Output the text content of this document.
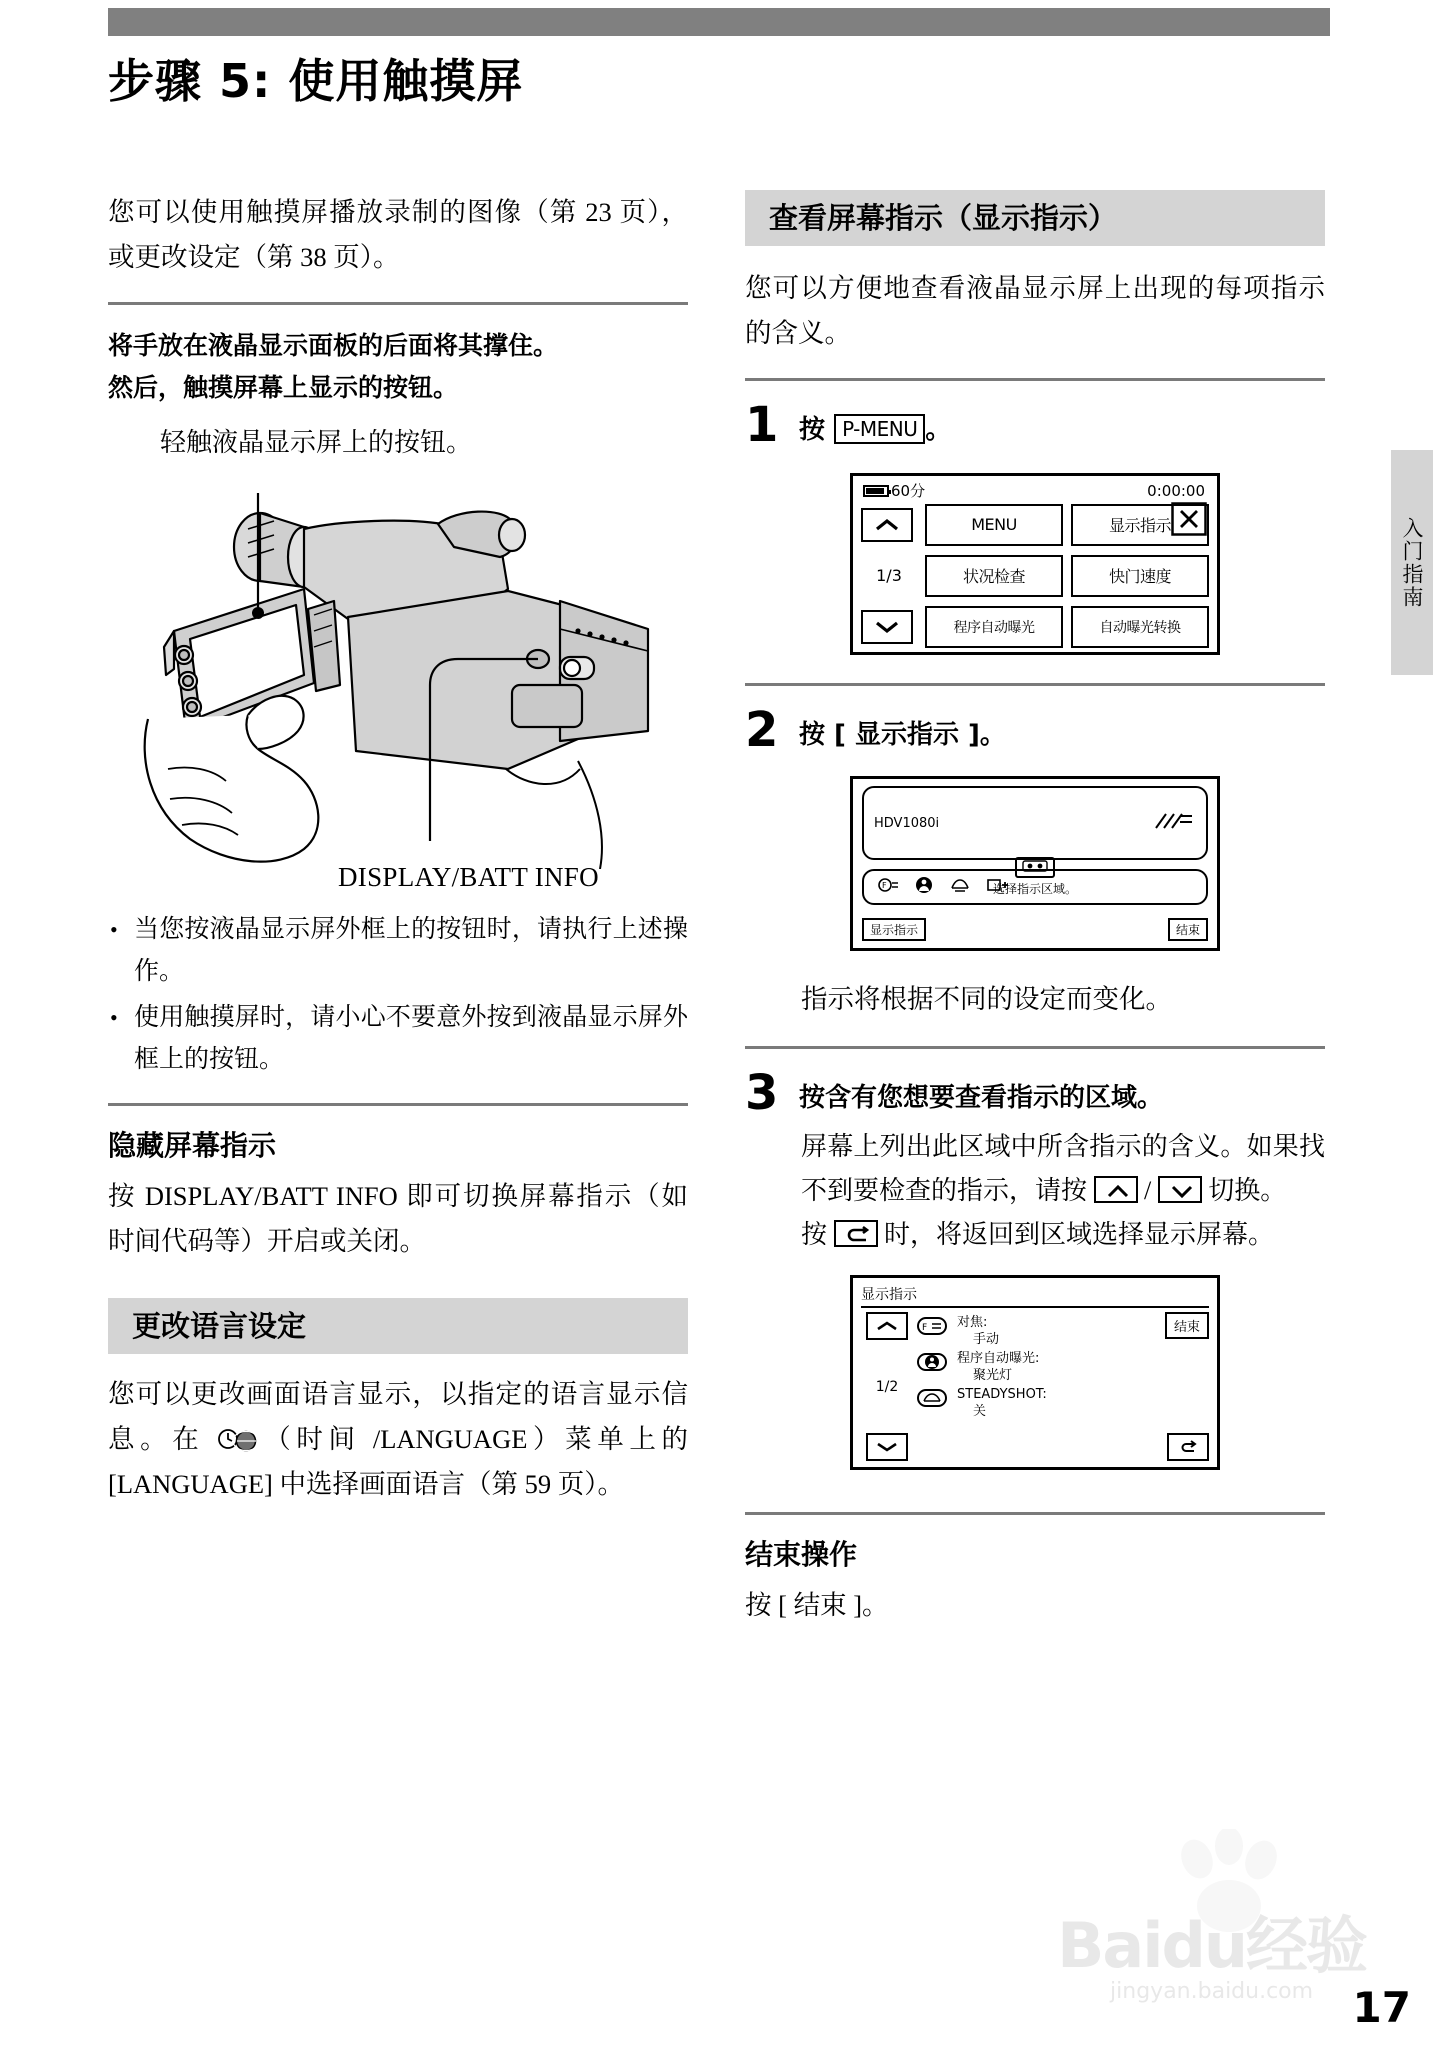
步骤 5: 使用触摸屏

您可以使用触摸屏播放录制的图像（第 23 页），或更改设定（第 38 页）。

将手放在液晶显示面板的后面将其撑住。
然后，触摸屏幕上显示的按钮。
轻触液晶显示屏上的按钮。
DISPLAY/BATT INFO
• 当您按液晶显示屏外框上的按钮时，请执行上述操作。
• 使用触摸屏时，请小心不要意外按到液晶显示屏外框上的按钮。
隐藏屏幕指示

按 DISPLAY/BATT INFO 即可切换屏幕指示（如时间代码等）开启或关闭。

更改语言设定

您可以更改画面语言显示，以指定的语言显示信息。在 （时间 /LANGUAGE）菜单上的 [LANGUAGE] 中选择画面语言（第 59 页）。

查看屏幕指示（显示指示）

您可以方便地查看液晶显示屏上出现的每项指示的含义。

1 按 P-MENU 。
60分	0:00:00
MENU	显示指示
1/3	状况检查	快门速度
程序自动曝光	自动曝光转换
2 按 [ 显示指示 ]。
HDV1080i
选择指示区域。
F
显示指示	结束

指示将根据不同的设定而变化。

3 按含有您想要查看指示的区域。
屏幕上列出此区域中所含指示的含义。如果找不到要检查的指示，请按
/
切换。
按
时，将返回到区域选择显示屏幕。
显示指示
1/2
F 对焦:
手动
程序自动曝光:
聚光灯
STEADYSHOT:
关
结束
结束操作

按 [ 结束 ]。

入门指南
Baidu经验
jingyan.baidu.com 17
